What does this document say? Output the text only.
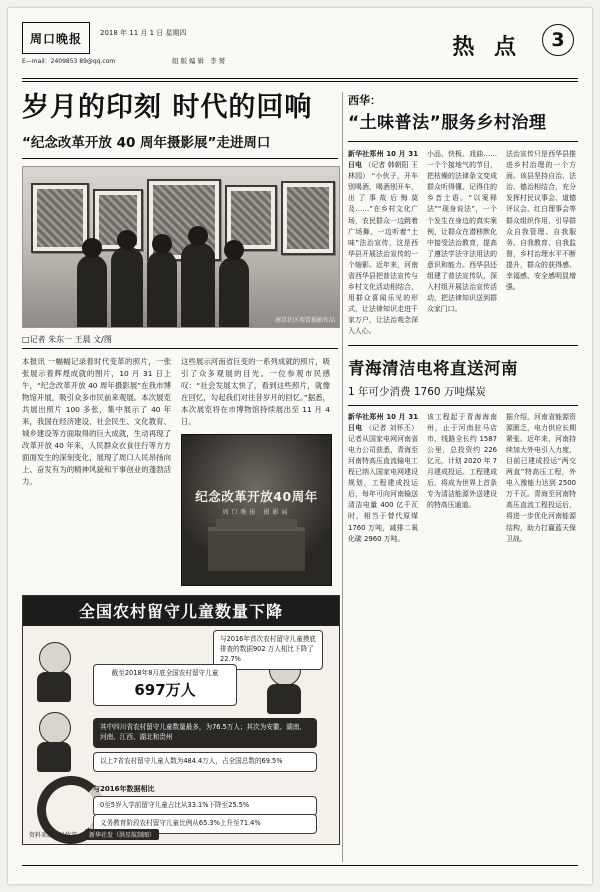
周口晚报	2018 年 11 月 1 日 星期四
E—mail：2409853 89@qq.com	组版编辑 李赟
热 点	3
岁月的印刻 时代的回响
“纪念改革开放 40 周年摄影展”走进周口
南京社区观看摄影作品
□记者 朱东一 王晨 文/图
本报讯 一幅幅记录着时代变革的照片，一张张展示着辉煌成就的图片，10 月 31 日上午，“纪念改革开放 40 周年摄影展”在我市博物馆开展，吸引众多市民前来观展。本次展览共展出照片 100 多张，集中展示了 40 年来，我国在经济建设、社会民生、文化教育、城乡建设等方面取得的巨大成就，生动再现了改革开放 40 年来，人民群众衣食住行等方方面面发生的深刻变化，展现了周口人民昂扬向上、奋发有为的精神风貌和干事创业的蓬勃活力。
这些展示河南省巨变的一系列成就的照片，吸引了众多观展的目光。一位参观市民感叹：“社会发展太快了，看到这些照片，就像在回忆，勾起我们对往昔岁月的回忆。”据悉，本次展览将在市博物馆持续展出至 11 月 4 日。
纪念改革开放40周年
周口晚报 摄影展
全国农村留守儿童数量下降
与2016年首次农村留守儿童摸底排查的数据902 万人相比下降了 22.7%
截至2018年8月底全国农村留守儿童
697万人
其中四川省农村留守儿童数量最多，为76.5万人；其次为安徽、湖南、河南、江西、湖北和贵州
以上7省农村留守儿童人数为484.4万人，占全国总数的69.5%
与2016年数据相比
0至5岁入学前留守儿童占比从33.1%下降至25.5%
义务教育阶段农村留守儿童比例从65.3%上升至71.4%
资料来源：民政部	新华社发（洪星航制图）
西华：
“土味普法”服务乡村治理
新华社郑州 10 月 31 日电 （记者 韩朝阳 王林园） “小伙子，开车别喝酒，喝酒别开车，出了事故后悔莫及……”在乡村文化广场，农民群众一边跳着广场舞，一边听着“土味”法治宣传，这是西华县开展法治宣传的一个缩影。近年来，河南省西华县把普法宣传与乡村文化活动相结合，用群众喜闻乐见的形式，让法律知识走进千家万户，让法治观念深入人心。
小品、快板、戏曲……一个个接地气的节目，把枯燥的法律条文变成群众听得懂、记得住的乡音土语。“以案释法”“现身说法”，一个个发生在身边的真实案例，让群众在潜移默化中接受法治教育，提高了遵法学法守法用法的意识和能力。西华县还组建了普法宣传队，深入村组开展法治宣传活动，把法律知识送到群众家门口。
法治宣传只是西华县推进乡村治理的一个方面。该县坚持自治、法治、德治相结合，充分发挥村民议事会、道德评议会、红白理事会等群众组织作用，引导群众自我管理、自我服务、自我教育、自我监督，乡村治理水平不断提升，群众的获得感、幸福感、安全感明显增强。
青海清洁电将直送河南
1 年可少消费 1760 万吨煤炭
新华社郑州 10 月 31 日电 （记者 刘怀丕） 记者从国家电网河南省电力公司获悉，青海至河南特高压直流输电工程已纳入国家电网建设规划，工程建成投运后，每年可向河南输送清洁电量 400 亿千瓦时，相当于替代原煤 1760 万吨，减排二氧化碳 2960 万吨。
该工程起于青海海南州，止于河南驻马店市，线路全长约 1587 公里，总投资约 226 亿元，计划 2020 年 7 月建成投运。工程建成后，将成为世界上首条专为清洁能源外送建设的特高压通道。
据介绍，河南省能源资源匮乏，电力供应长期紧张。近年来，河南持续加大外电引入力度，目前已建成投运“两交两直”特高压工程，外电入豫能力达到 2500 万千瓦。青海至河南特高压直流工程投运后，将进一步优化河南能源结构，助力打赢蓝天保卫战。
